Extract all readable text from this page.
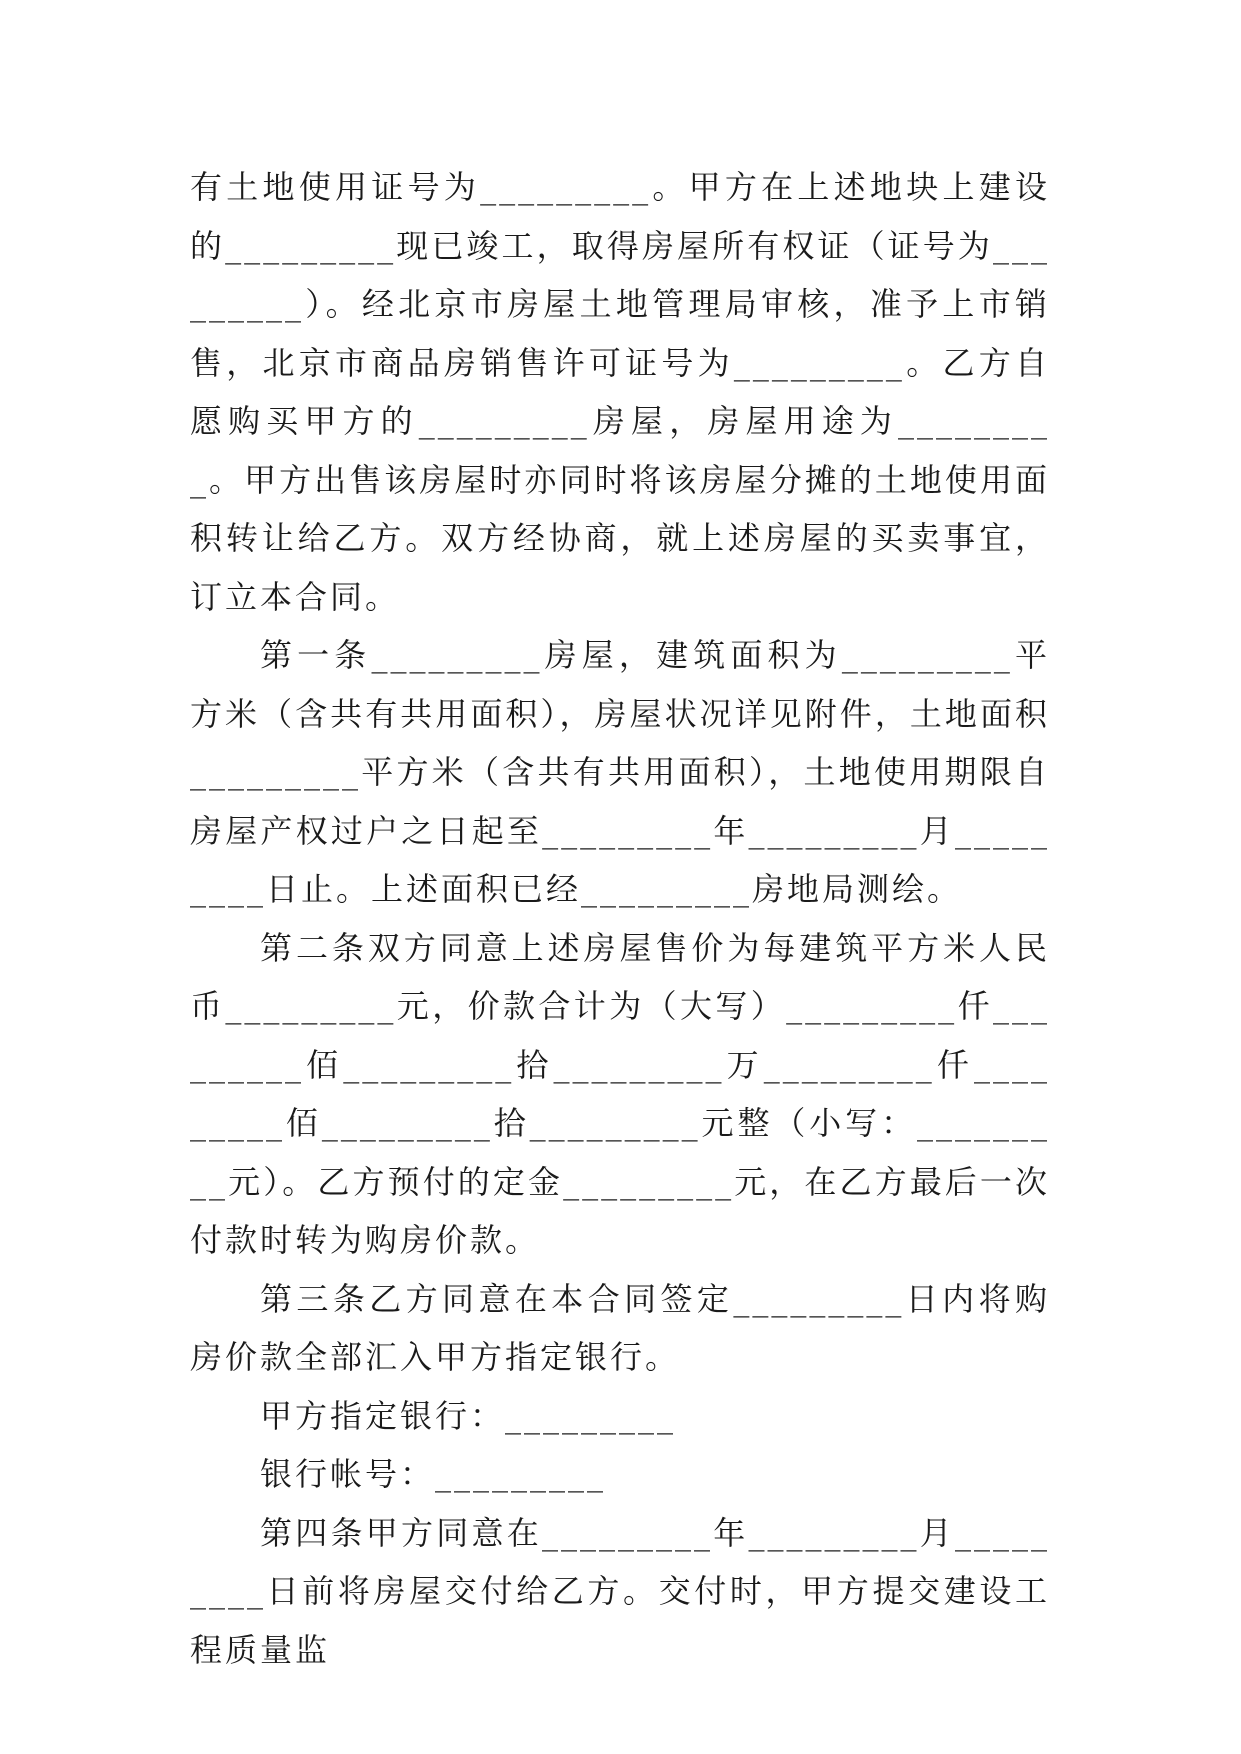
有土地使用证号为_________。甲方在上述地块上建设的_________现已竣工，取得房屋所有权证（证号为_________）。经北京市房屋土地管理局审核，准予上市销售，北京市商品房销售许可证号为_________。乙方自愿购买甲方的_________房屋，房屋用途为_________。甲方出售该房屋时亦同时将该房屋分摊的土地使用面积转让给乙方。双方经协商，就上述房屋的买卖事宜，订立本合同。

第一条_________房屋，建筑面积为_________平方米（含共有共用面积），房屋状况详见附件，土地面积_________平方米（含共有共用面积），土地使用期限自房屋产权过户之日起至_________年_________月_________日止。上述面积已经_________房地局测绘。

第二条双方同意上述房屋售价为每建筑平方米人民币_________元，价款合计为（大写）_________仟_________佰_________拾_________万_________仟_________佰_________拾_________元整（小写：_________元）。乙方预付的定金_________元，在乙方最后一次付款时转为购房价款。

第三条乙方同意在本合同签定_________日内将购房价款全部汇入甲方指定银行。

甲方指定银行：_________

银行帐号：_________

第四条甲方同意在_________年_________月_________日前将房屋交付给乙方。交付时，甲方提交建设工程质量监
